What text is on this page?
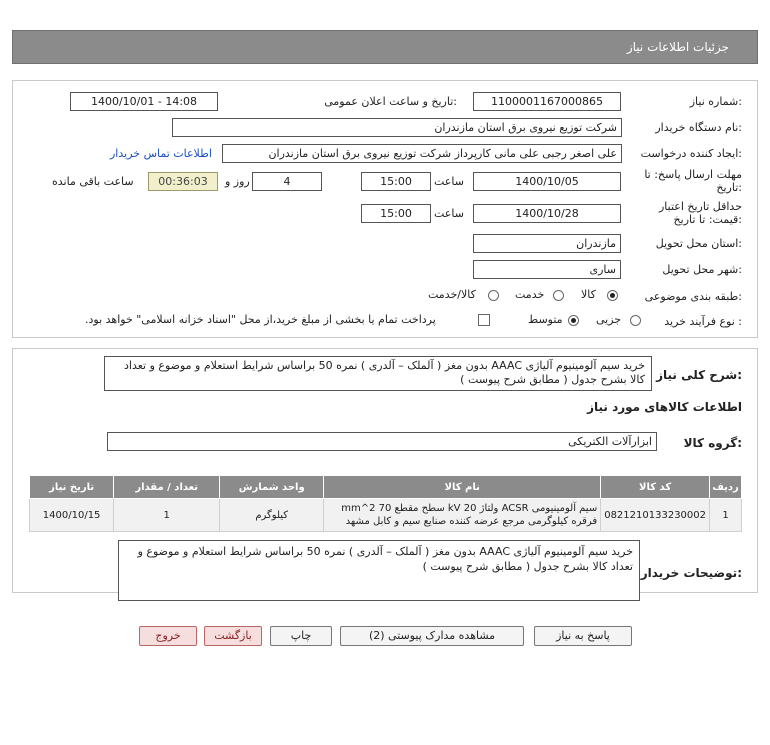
جزئیات اطلاعات نیاز
شماره نیاز:
1100001167000865
تاریخ و ساعت اعلان عمومی:
1400/10/01 - 14:08
نام دستگاه خریدار:
شرکت توزیع نیروی برق استان مازندران
ایجاد کننده درخواست:
علی اصغر رجبی علی مانی کارپرداز شرکت توزیع نیروی برق استان مازندران
اطلاعات تماس خریدار
مهلت ارسال پاسخ: تا
تاریخ:
1400/10/05
ساعت
15:00
4
روز و
00:36:03
ساعت باقی مانده
حداقل تاریخ اعتبار
قیمت: تا تاریخ:
1400/10/28
ساعت
15:00
استان محل تحویل:
مازندران
شهر محل تحویل:
ساری
طبقه بندی موضوعی:
کالا
خدمت
کالا/خدمت
نوع فرآیند خرید :
جزیی
متوسط
پرداخت تمام یا بخشی از مبلغ خرید،از محل "اسناد خزانه اسلامی" خواهد بود.
شرح کلی نیاز:
خرید سیم آلومینیوم آلیاژی AAAC بدون مغز ( آلملک – آلدری ) نمره 50 براساس شرایط استعلام و موضوع و تعداد کالا بشرح جدول ( مطابق شرح پیوست )
اطلاعات کالاهای مورد نیاز
گروه کالا:
ابزارآلات الکتریکی
ردیف	کد کالا	نام کالا	واحد شمارش	تعداد / مقدار	تاریخ نیاز
1	0821210133230002	سیم آلومینیومی ACSR ولتاژ kV 20 سطح مقطع mm^2 70 فرقره کیلوگرمی مرجع عرضه کننده صنایع سیم و کابل مشهد	کیلوگرم	1	1400/10/15
توضیحات خریدار:
خرید سیم آلومینیوم آلیاژی AAAC بدون مغز ( آلملک – آلدری ) نمره 50 براساس شرایط استعلام و موضوع و تعداد کالا بشرح جدول ( مطابق شرح پیوست )
پاسخ به نیاز
مشاهده مدارک پیوستی (2)
چاپ
بازگشت
خروج
